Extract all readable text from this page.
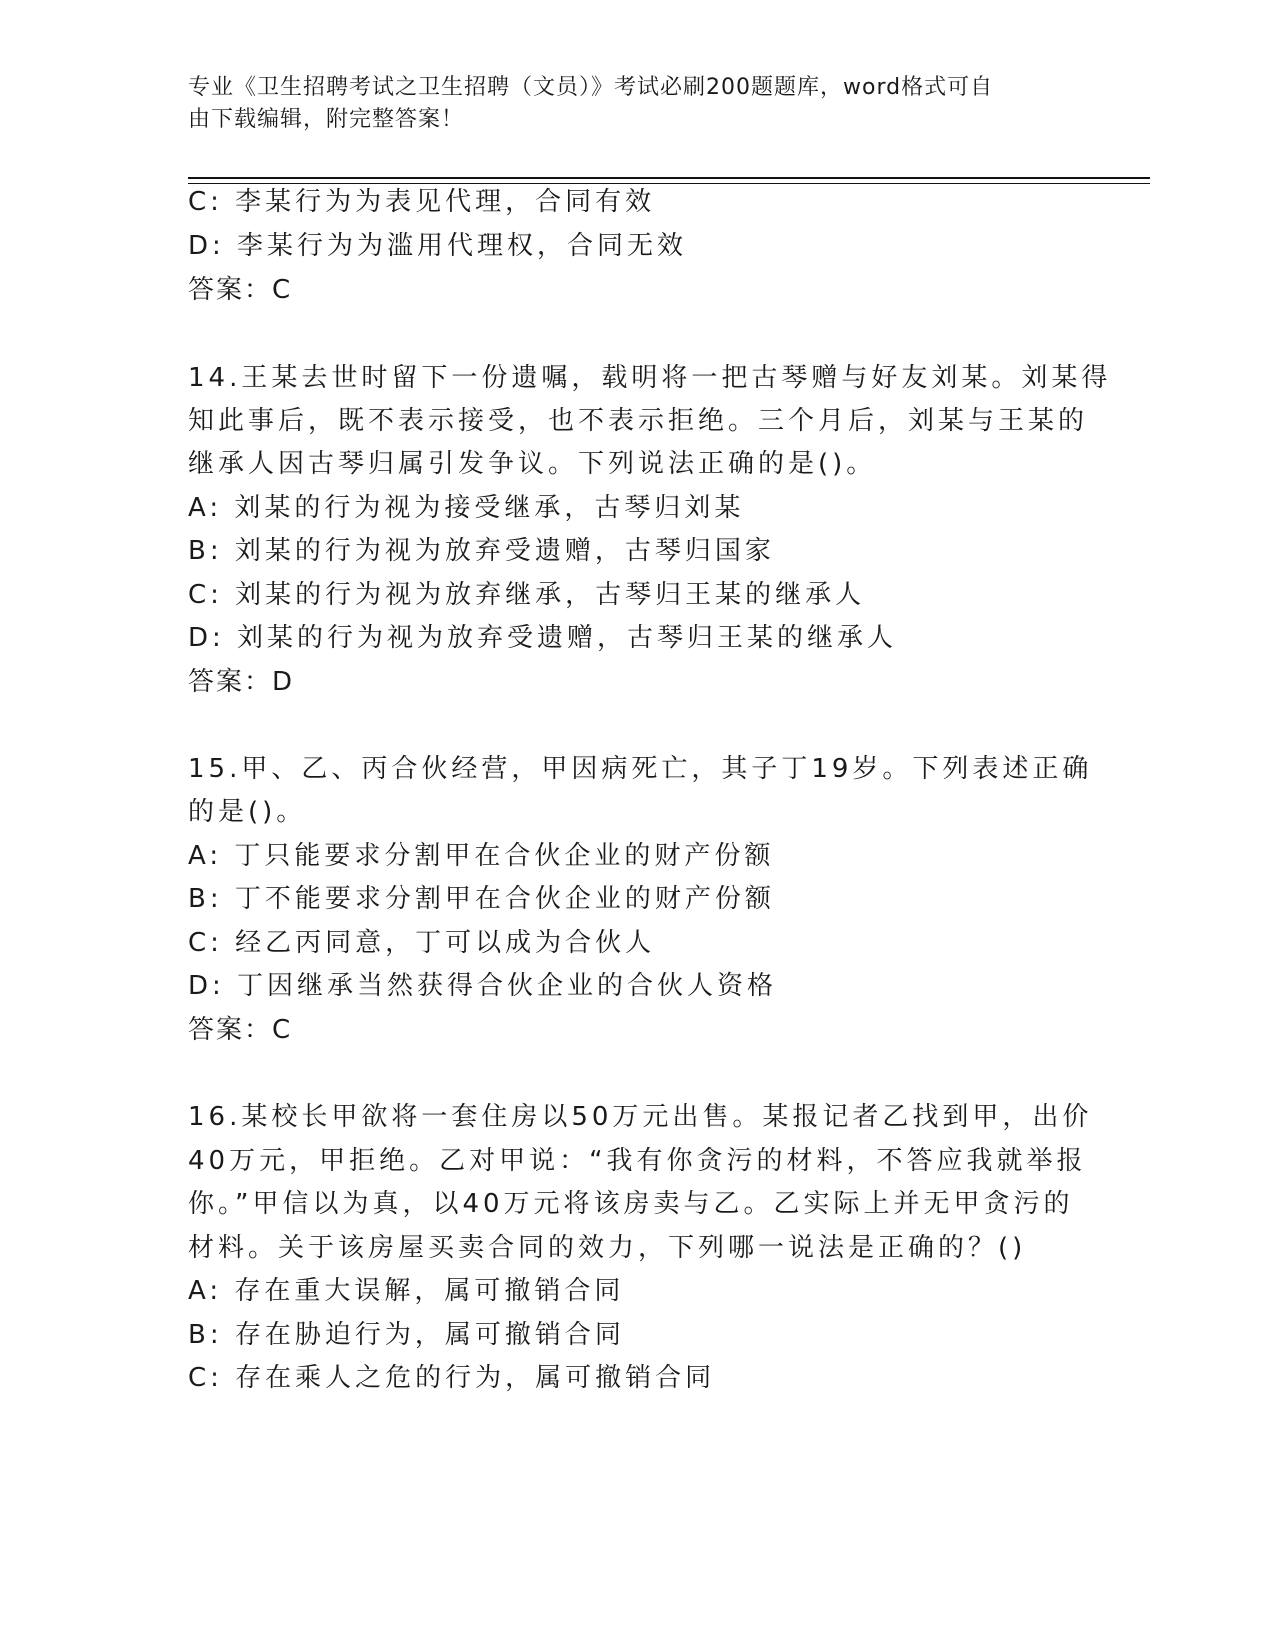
专业《卫生招聘考试之卫生招聘（文员）》考试必刷200题题库，word格式可自
由下载编辑，附完整答案！
C: 李某行为为表见代理，合同有效
D: 李某行为为滥用代理权，合同无效
答案：C
14.王某去世时留下一份遗嘱，载明将一把古琴赠与好友刘某。刘某得
知此事后，既不表示接受，也不表示拒绝。三个月后，刘某与王某的
继承人因古琴归属引发争议。下列说法正确的是()。
A: 刘某的行为视为接受继承，古琴归刘某
B: 刘某的行为视为放弃受遗赠，古琴归国家
C: 刘某的行为视为放弃继承，古琴归王某的继承人
D: 刘某的行为视为放弃受遗赠，古琴归王某的继承人
答案：D
15.甲、乙、丙合伙经营，甲因病死亡，其子丁19岁。下列表述正确
的是()。
A: 丁只能要求分割甲在合伙企业的财产份额
B: 丁不能要求分割甲在合伙企业的财产份额
C: 经乙丙同意，丁可以成为合伙人
D: 丁因继承当然获得合伙企业的合伙人资格
答案：C
16.某校长甲欲将一套住房以50万元出售。某报记者乙找到甲，出价
40万元，甲拒绝。乙对甲说：“我有你贪污的材料，不答应我就举报
你。”甲信以为真，以40万元将该房卖与乙。乙实际上并无甲贪污的
材料。关于该房屋买卖合同的效力，下列哪一说法是正确的？()
A: 存在重大误解，属可撤销合同
B: 存在胁迫行为，属可撤销合同
C: 存在乘人之危的行为，属可撤销合同
